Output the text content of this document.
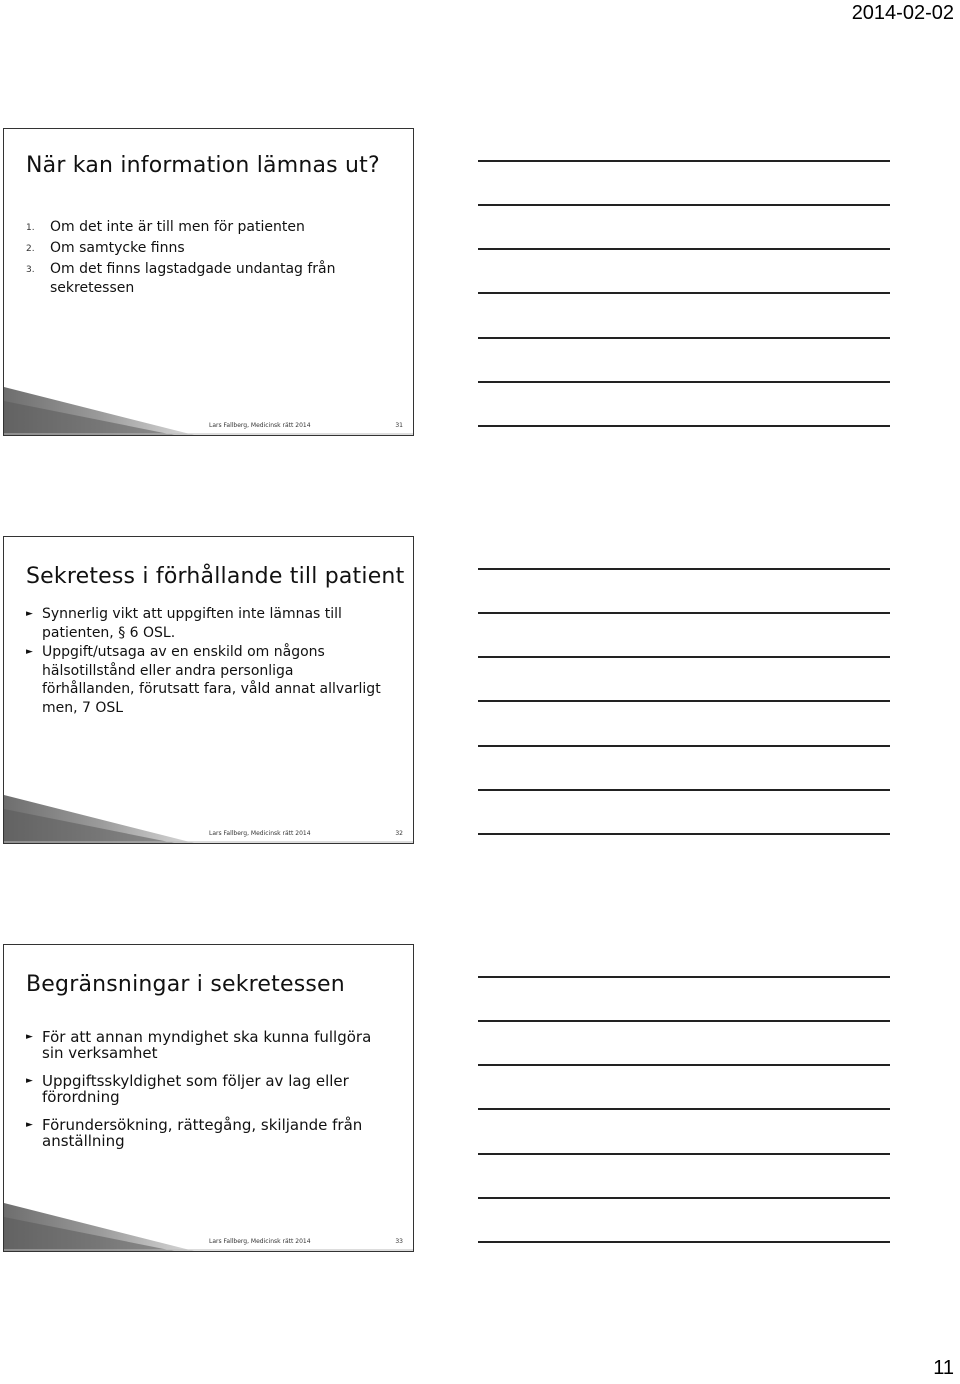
2014-02-02
När kan information lämnas ut?
1.	Om det inte är till men för patienten
2.	Om samtycke finns
3.	Om det finns lagstadgade undantag från sekretessen
Lars Fallberg, Medicinsk rätt 2014	31
Sekretess i förhållande till patient
► Synnerlig vikt att uppgiften inte lämnas till patienten, § 6 OSL.
► Uppgift/utsaga av en enskild om någons hälsotillstånd eller andra personliga förhållanden, förutsatt fara, våld annat allvarligt men, 7 OSL
Lars Fallberg, Medicinsk rätt 2014	32
Begränsningar i sekretessen
► För att annan myndighet ska kunna fullgöra sin verksamhet
► Uppgiftsskyldighet som följer av lag eller förordning
► Förundersökning, rättegång, skiljande från anställning
Lars Fallberg, Medicinsk rätt 2014	33
11
